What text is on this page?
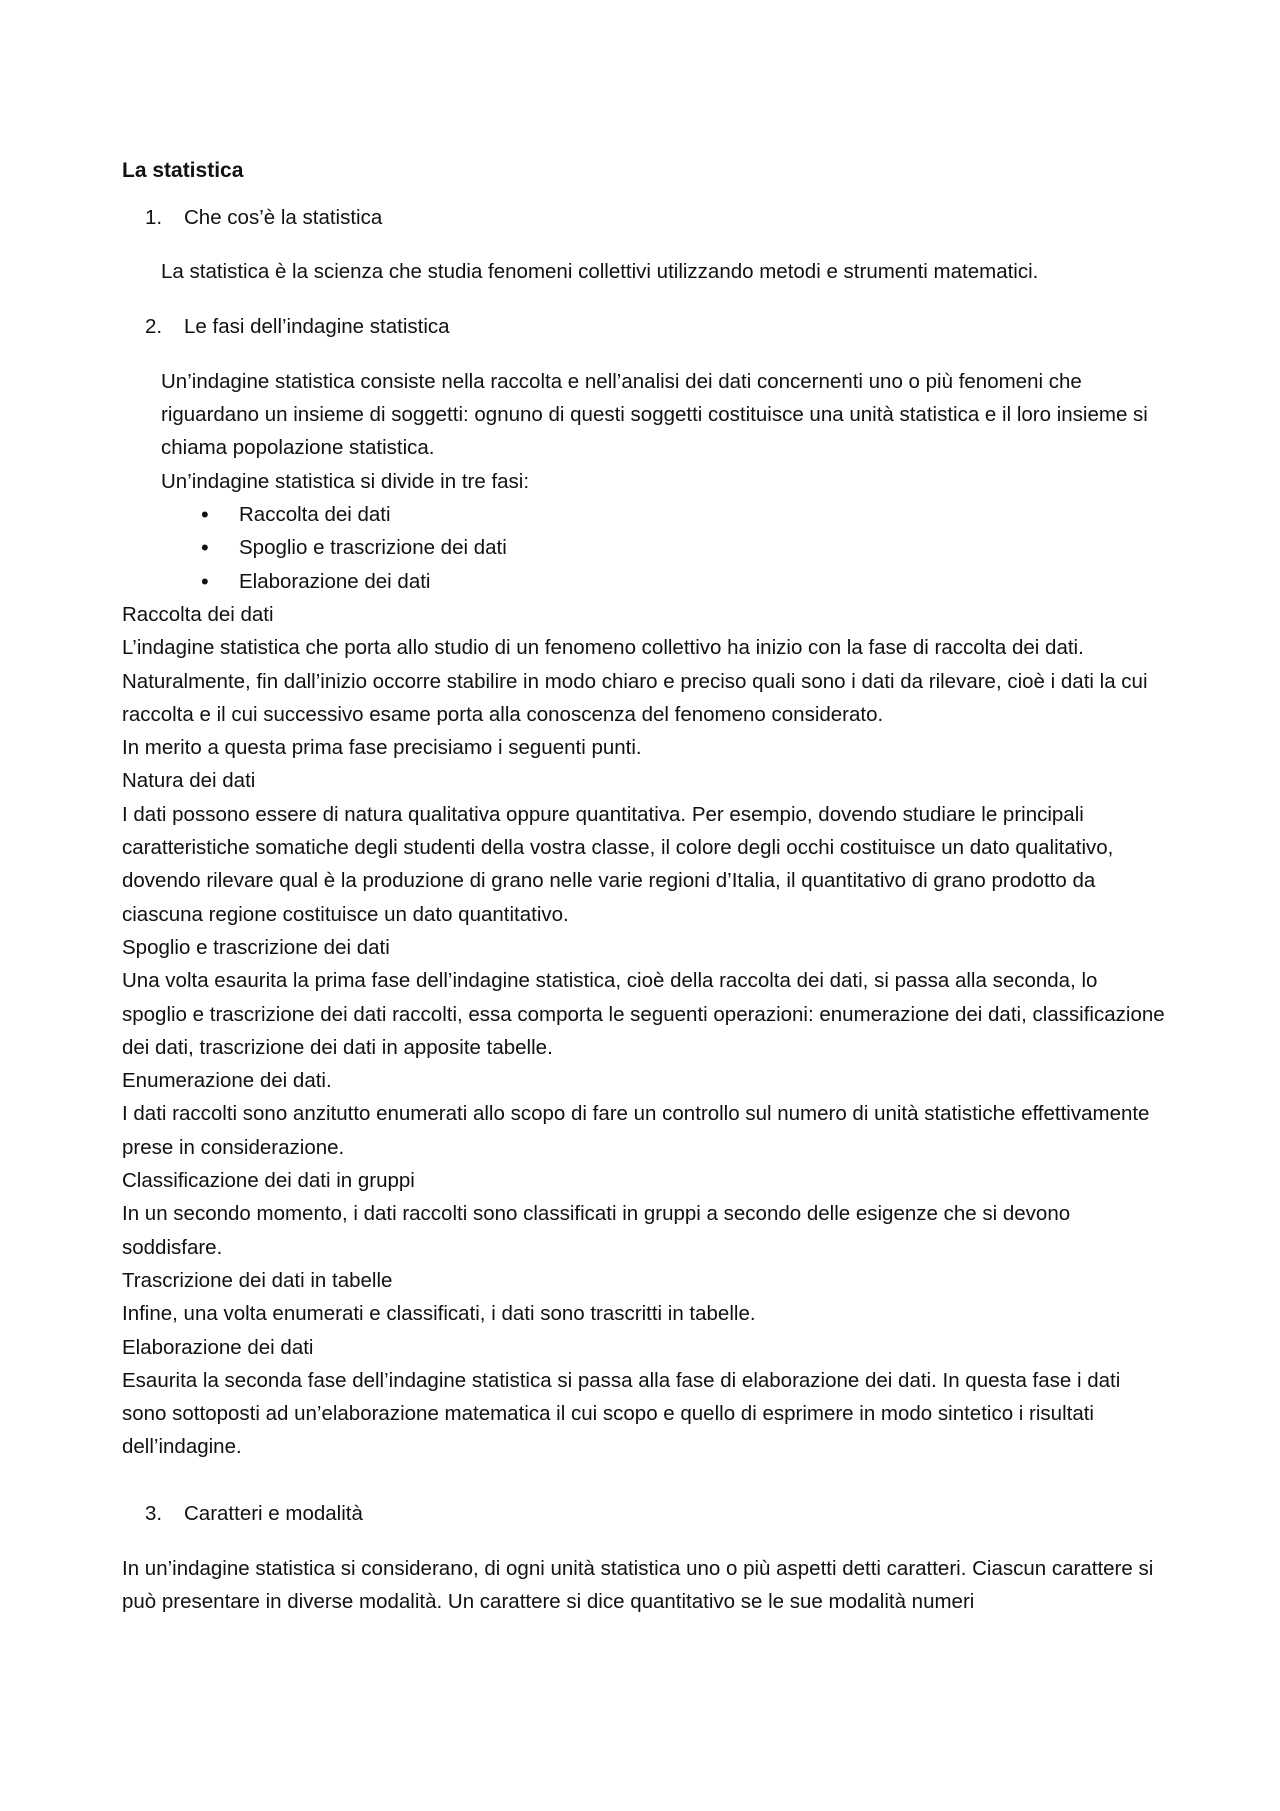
La statistica
1. Che cos’è la statistica

La statistica è la scienza che studia fenomeni collettivi utilizzando metodi e strumenti matematici.

2. Le fasi dell’indagine statistica

Un’indagine statistica consiste nella raccolta e nell’analisi dei dati concernenti uno o più fenomeni che riguardano un insieme di soggetti: ognuno di questi soggetti costituisce una unità statistica e il loro insieme si chiama popolazione statistica.

Un’indagine statistica si divide in tre fasi:

• Raccolta dei dati
• Spoglio e trascrizione dei dati
• Elaborazione dei dati

Raccolta dei dati

L’indagine statistica che porta allo studio di un fenomeno collettivo ha inizio con la fase di raccolta dei dati. Naturalmente, fin dall’inizio occorre stabilire in modo chiaro e preciso quali sono i dati da rilevare, cioè i dati la cui raccolta e il cui successivo esame porta alla conoscenza del fenomeno considerato.

In merito a questa prima fase precisiamo i seguenti punti.

Natura dei dati

I dati possono essere di natura qualitativa oppure quantitativa. Per esempio, dovendo studiare le principali caratteristiche somatiche degli studenti della vostra classe, il colore degli occhi costituisce un dato qualitativo, dovendo rilevare qual è la produzione di grano nelle varie regioni d’Italia, il quantitativo di grano prodotto da ciascuna regione costituisce un dato quantitativo.

Spoglio e trascrizione dei dati

Una volta esaurita la prima fase dell’indagine statistica, cioè della raccolta dei dati, si passa alla seconda, lo spoglio e trascrizione dei dati raccolti, essa comporta le seguenti operazioni: enumerazione dei dati, classificazione dei dati, trascrizione dei dati in apposite tabelle.

Enumerazione dei dati.

I dati raccolti sono anzitutto enumerati allo scopo di fare un controllo sul numero di unità statistiche effettivamente prese in considerazione.

Classificazione dei dati in gruppi

In un secondo momento, i dati raccolti sono classificati in gruppi a secondo delle esigenze che si devono soddisfare.

Trascrizione dei dati in tabelle

Infine, una volta enumerati e classificati, i dati sono trascritti in tabelle.

Elaborazione dei dati

Esaurita la seconda fase dell’indagine statistica si passa alla fase di elaborazione dei dati. In questa fase i dati sono sottoposti ad un’elaborazione matematica il cui scopo e quello di esprimere in modo sintetico i risultati dell’indagine.

3. Caratteri e modalità

In un’indagine statistica si considerano, di ogni unità statistica uno o più aspetti detti caratteri. Ciascun carattere si può presentare in diverse modalità. Un carattere si dice quantitativo se le sue modalità numeri
